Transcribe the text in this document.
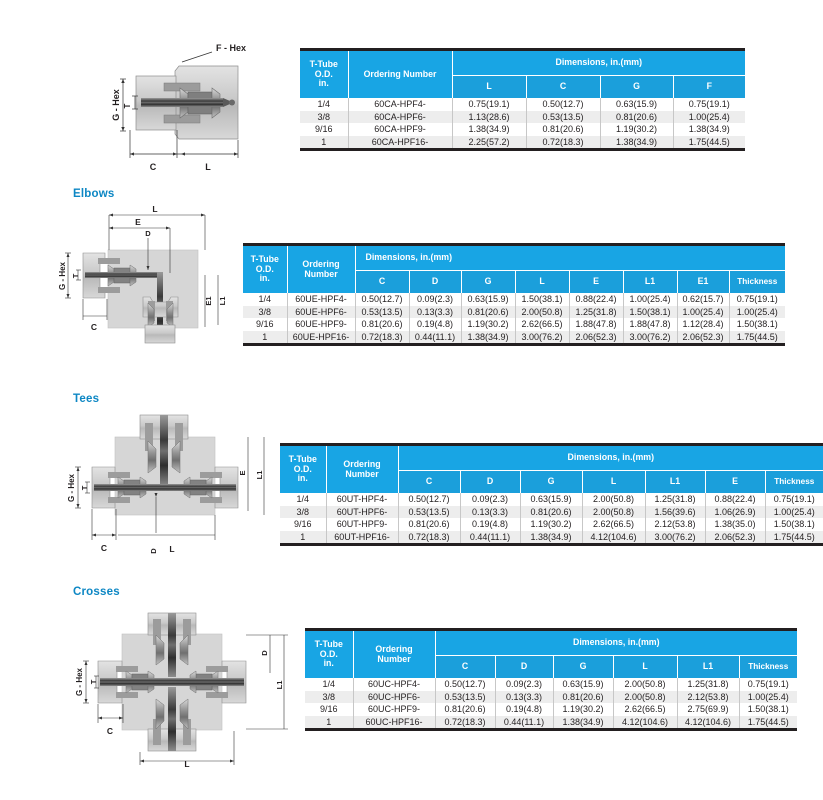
F - Hex
G - Hex T
C	L
T-Tube
O.D.
in.	Ordering Number	Dimensions, in.(mm)			
		L	C	G	F
1/4	60CA-HPF4-	0.75(19.1)	0.50(12.7)	0.63(15.9)	0.75(19.1)
3/8	60CA-HPF6-	1.13(28.6)	0.53(13.5)	0.81(20.6)	1.00(25.4)
9/16	60CA-HPF9-	1.38(34.9)	0.81(20.6)	1.19(30.2)	1.38(34.9)
1	60CA-HPF16-	2.25(57.2)	0.72(18.3)	1.38(34.9)	1.75(44.5)
Elbows
L
E
D
G - Hex T
C
E1 L1
T-Tube
O.D.
in.

Ordering
Number
	Dimensions, in.(mm)
		C	D	G	L	E	L1	E1	Thickness
1/4	60UE-HPF4-	0.50(12.7)	0.09(2.3)	0.63(15.9)	1.50(38.1)	0.88(22.4)	1.00(25.4)	0.62(15.7)	0.75(19.1)
3/8	60UE-HPF6-	0.53(13.5)	0.13(3.3)	0.81(20.6)	2.00(50.8)	1.25(31.8)	1.50(38.1)	1.00(25.4)	1.00(25.4)
9/16	60UE-HPF9-	0.81(20.6)	0.19(4.8)	1.19(30.2)	2.62(66.5)	1.88(47.8)	1.88(47.8)	1.12(28.4)	1.50(38.1)
1	60UE-HPF16-	0.72(18.3)	0.44(11.1)	1.38(34.9)	3.00(76.2)	2.06(52.3)	3.00(76.2)	2.06(52.3)	1.75(44.5)
Tees
G - Hex T
C	D L
E L1
T-Tube
O.D.
in.

Ordering
Number
	Dimensions, in.(mm)
		C	D	G	L	L1	E	Thickness
1/4	60UT-HPF4-	0.50(12.7)	0.09(2.3)	0.63(15.9)	2.00(50.8)	1.25(31.8)	0.88(22.4)	0.75(19.1)
3/8	60UT-HPF6-	0.53(13.5)	0.13(3.3)	0.81(20.6)	2.00(50.8)	1.56(39.6)	1.06(26.9)	1.00(25.4)
9/16	60UT-HPF9-	0.81(20.6)	0.19(4.8)	1.19(30.2)	2.62(66.5)	2.12(53.8)	1.38(35.0)	1.50(38.1)
1	60UT-HPF16-	0.72(18.3)	0.44(11.1)	1.38(34.9)	4.12(104.6)	3.00(76.2)	2.06(52.3)	1.75(44.5)
Crosses
G - Hex T
C
L
D
L1
T-Tube
O.D.
in.

Ordering
Number
	Dimensions, in.(mm)
		C	D	G	L	L1	Thickness
1/4	60UC-HPF4-	0.50(12.7)	0.09(2.3)	0.63(15.9)	2.00(50.8)	1.25(31.8)	0.75(19.1)
3/8	60UC-HPF6-	0.53(13.5)	0.13(3.3)	0.81(20.6)	2.00(50.8)	2.12(53.8)	1.00(25.4)
9/16	60UC-HPF9-	0.81(20.6)	0.19(4.8)	1.19(30.2)	2.62(66.5)	2.75(69.9)	1.50(38.1)
1	60UC-HPF16-	0.72(18.3)	0.44(11.1)	1.38(34.9)	4.12(104.6)	4.12(104.6)	1.75(44.5)
